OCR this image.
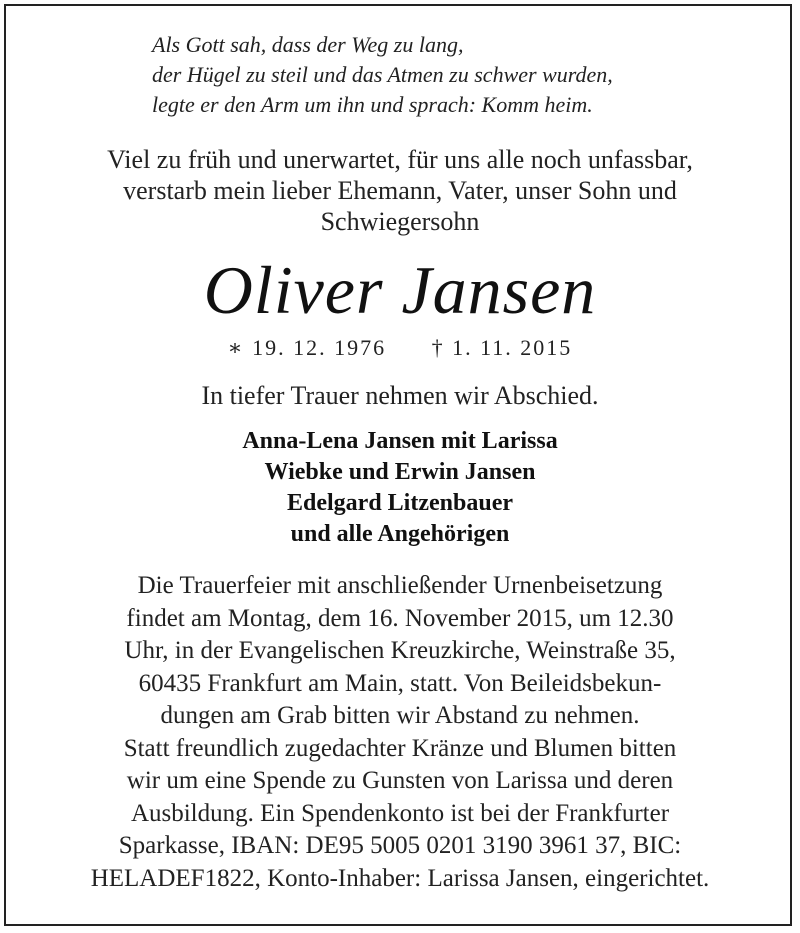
Als Gott sah, dass der Weg zu lang,
der Hügel zu steil und das Atmen zu schwer wurden,
legte er den Arm um ihn und sprach: Komm heim.
Viel zu früh und unerwartet, für uns alle noch unfassbar,
verstarb mein lieber Ehemann, Vater, unser Sohn und
Schwiegersohn
Oliver Jansen
∗ 19. 12. 1976 † 1. 11. 2015
In tiefer Trauer nehmen wir Abschied.
Anna-Lena Jansen mit Larissa
Wiebke und Erwin Jansen
Edelgard Litzenbauer
und alle Angehörigen
Die Trauerfeier mit anschließender Urnenbeisetzung
findet am Montag, dem 16. November 2015, um 12.30
Uhr, in der Evangelischen Kreuzkirche, Weinstraße 35,
60435 Frankfurt am Main, statt. Von Beileidsbekun-
dungen am Grab bitten wir Abstand zu nehmen.
Statt freundlich zugedachter Kränze und Blumen bitten
wir um eine Spende zu Gunsten von Larissa und deren
Ausbildung. Ein Spendenkonto ist bei der Frankfurter
Sparkasse, IBAN: DE95 5005 0201 3190 3961 37, BIC:
HELADEF1822, Konto-Inhaber: Larissa Jansen, eingerichtet.
